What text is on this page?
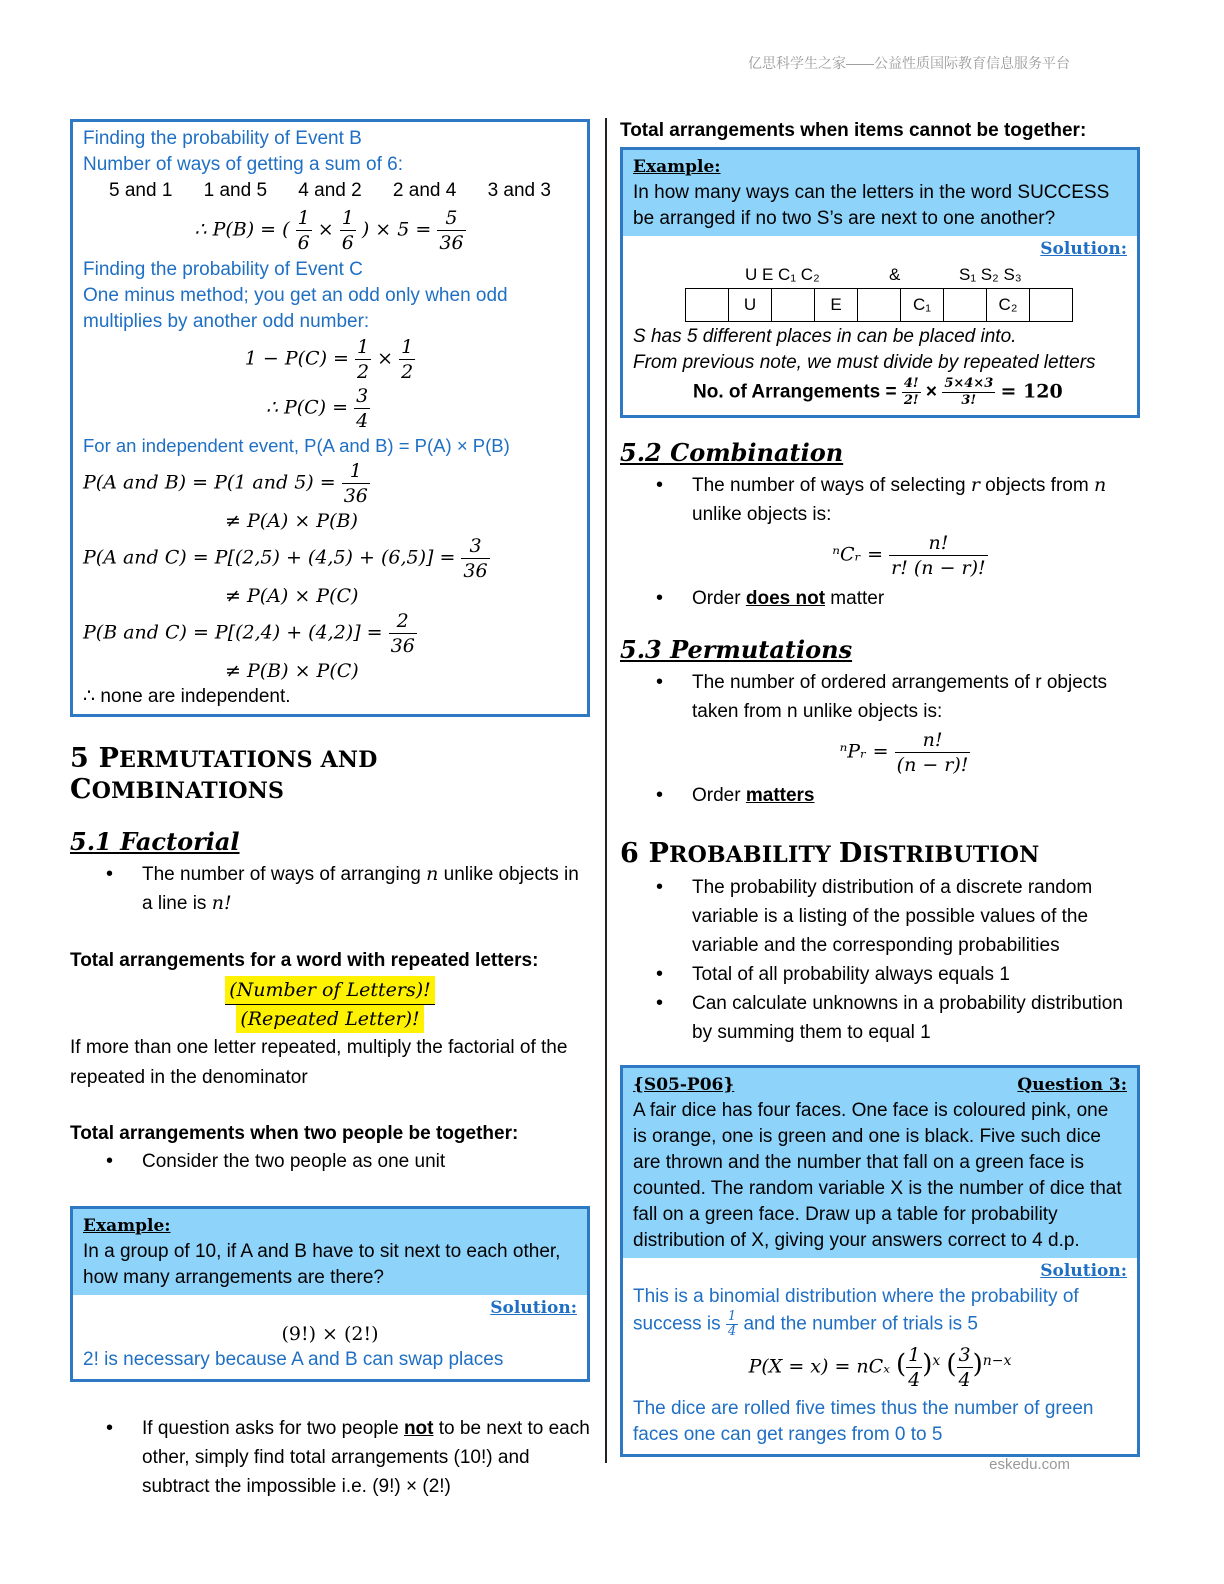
亿思科学生之家——公益性质国际教育信息服务平台
Finding the probability of Event B
Number of ways of getting a sum of 6:
5 and 1 1 and 5 4 and 2 2 and 4 3 and 3
∴ P(B) = ( $\frac{1}{6} \times \frac{1}{6}$ ) × $5 = \frac{5}{36}$
Finding the probability of Event C
One minus method; you get an odd only when odd multiplies by another odd number:
$1 - P(C) = \frac{1}{2} \times \frac{1}{2}$
∴ $P(C) = \frac{3}{4}$
For an independent event, P(A and B) = P(A) × P(B)
P(A and B) = P(1 and $5) = \frac{1}{36}$
≠ P(A) × P(B)
P(A and $C) = P[(2,5) + (4,5) + (6,5)] = \frac{3}{36}$
≠ P(A) × P(C)
P(B and $C) = P[(2,4) + (4,2)] = \frac{2}{36}$
≠ P(B) × P(C)
∴ none are independent.
5 PERMUTATIONS AND COMBINATIONS
5.1 Factorial
• The number of ways of arranging n unlike objects in a line is n!
Total arrangements for a word with repeated letters:
(Number of Letters)!
(Repeated Letter)!
If more than one letter repeated, multiply the factorial of the repeated in the denominator
Total arrangements when two people be together:
• Consider the two people as one unit
Example:
In a group of 10, if A and B have to sit next to each other, how many arrangements are there?
Solution:
(9!) × (2!)
2! is necessary because A and B can swap places
• If question asks for two people not to be next to each other, simply find total arrangements (10!) and subtract the impossible i.e. (9!) × (2!)
Total arrangements when items cannot be together:
Example:
In how many ways can the letters in the word SUCCESS be arranged if no two S’s are next to one another?
Solution:
U E C₁ C₂	&	S₁ S₂ S₃
	U		E		C₁		C₂	
S has 5 different places in can be placed into.
From previous note, we must divide by repeated letters
No. of Arrangements = $\frac{4!}{2!} \times \frac{5\times 4\times 3}{3!} = 120$
5.2 Combination
• The number of ways of selecting r objects from n unlike objects is:
ⁿCᵣ = $\frac{n!}{r! (n - r)!}$
• Order does not matter
5.3 Permutations
• The number of ordered arrangements of r objects taken from n unlike objects is:
ⁿPᵣ = $\frac{n!}{(n - r)!}$
• Order matters
6 PROBABILITY DISTRIBUTION
• The probability distribution of a discrete random variable is a listing of the possible values of the variable and the corresponding probabilities
• Total of all probability always equals 1
• Can calculate unknowns in a probability distribution by summing them to equal 1
{S05-P06}	Question 3:
A fair dice has four faces. One face is coloured pink, one is orange, one is green and one is black. Five such dice are thrown and the number that fall on a green face is counted. The random variable X is the number of dice that fall on a green face. Draw up a table for probability distribution of X, giving your answers correct to 4 d.p.
Solution:
This is a binomial distribution where the probability of
success is $\frac{1}{4}$ and the number of trials is 5
P(X = x) = nCₓ ( $\frac{1}{4} )^x$ ( $\frac{3}{4} )^{n-x}$
The dice are rolled five times thus the number of green faces one can get ranges from 0 to 5
eskedu.com
